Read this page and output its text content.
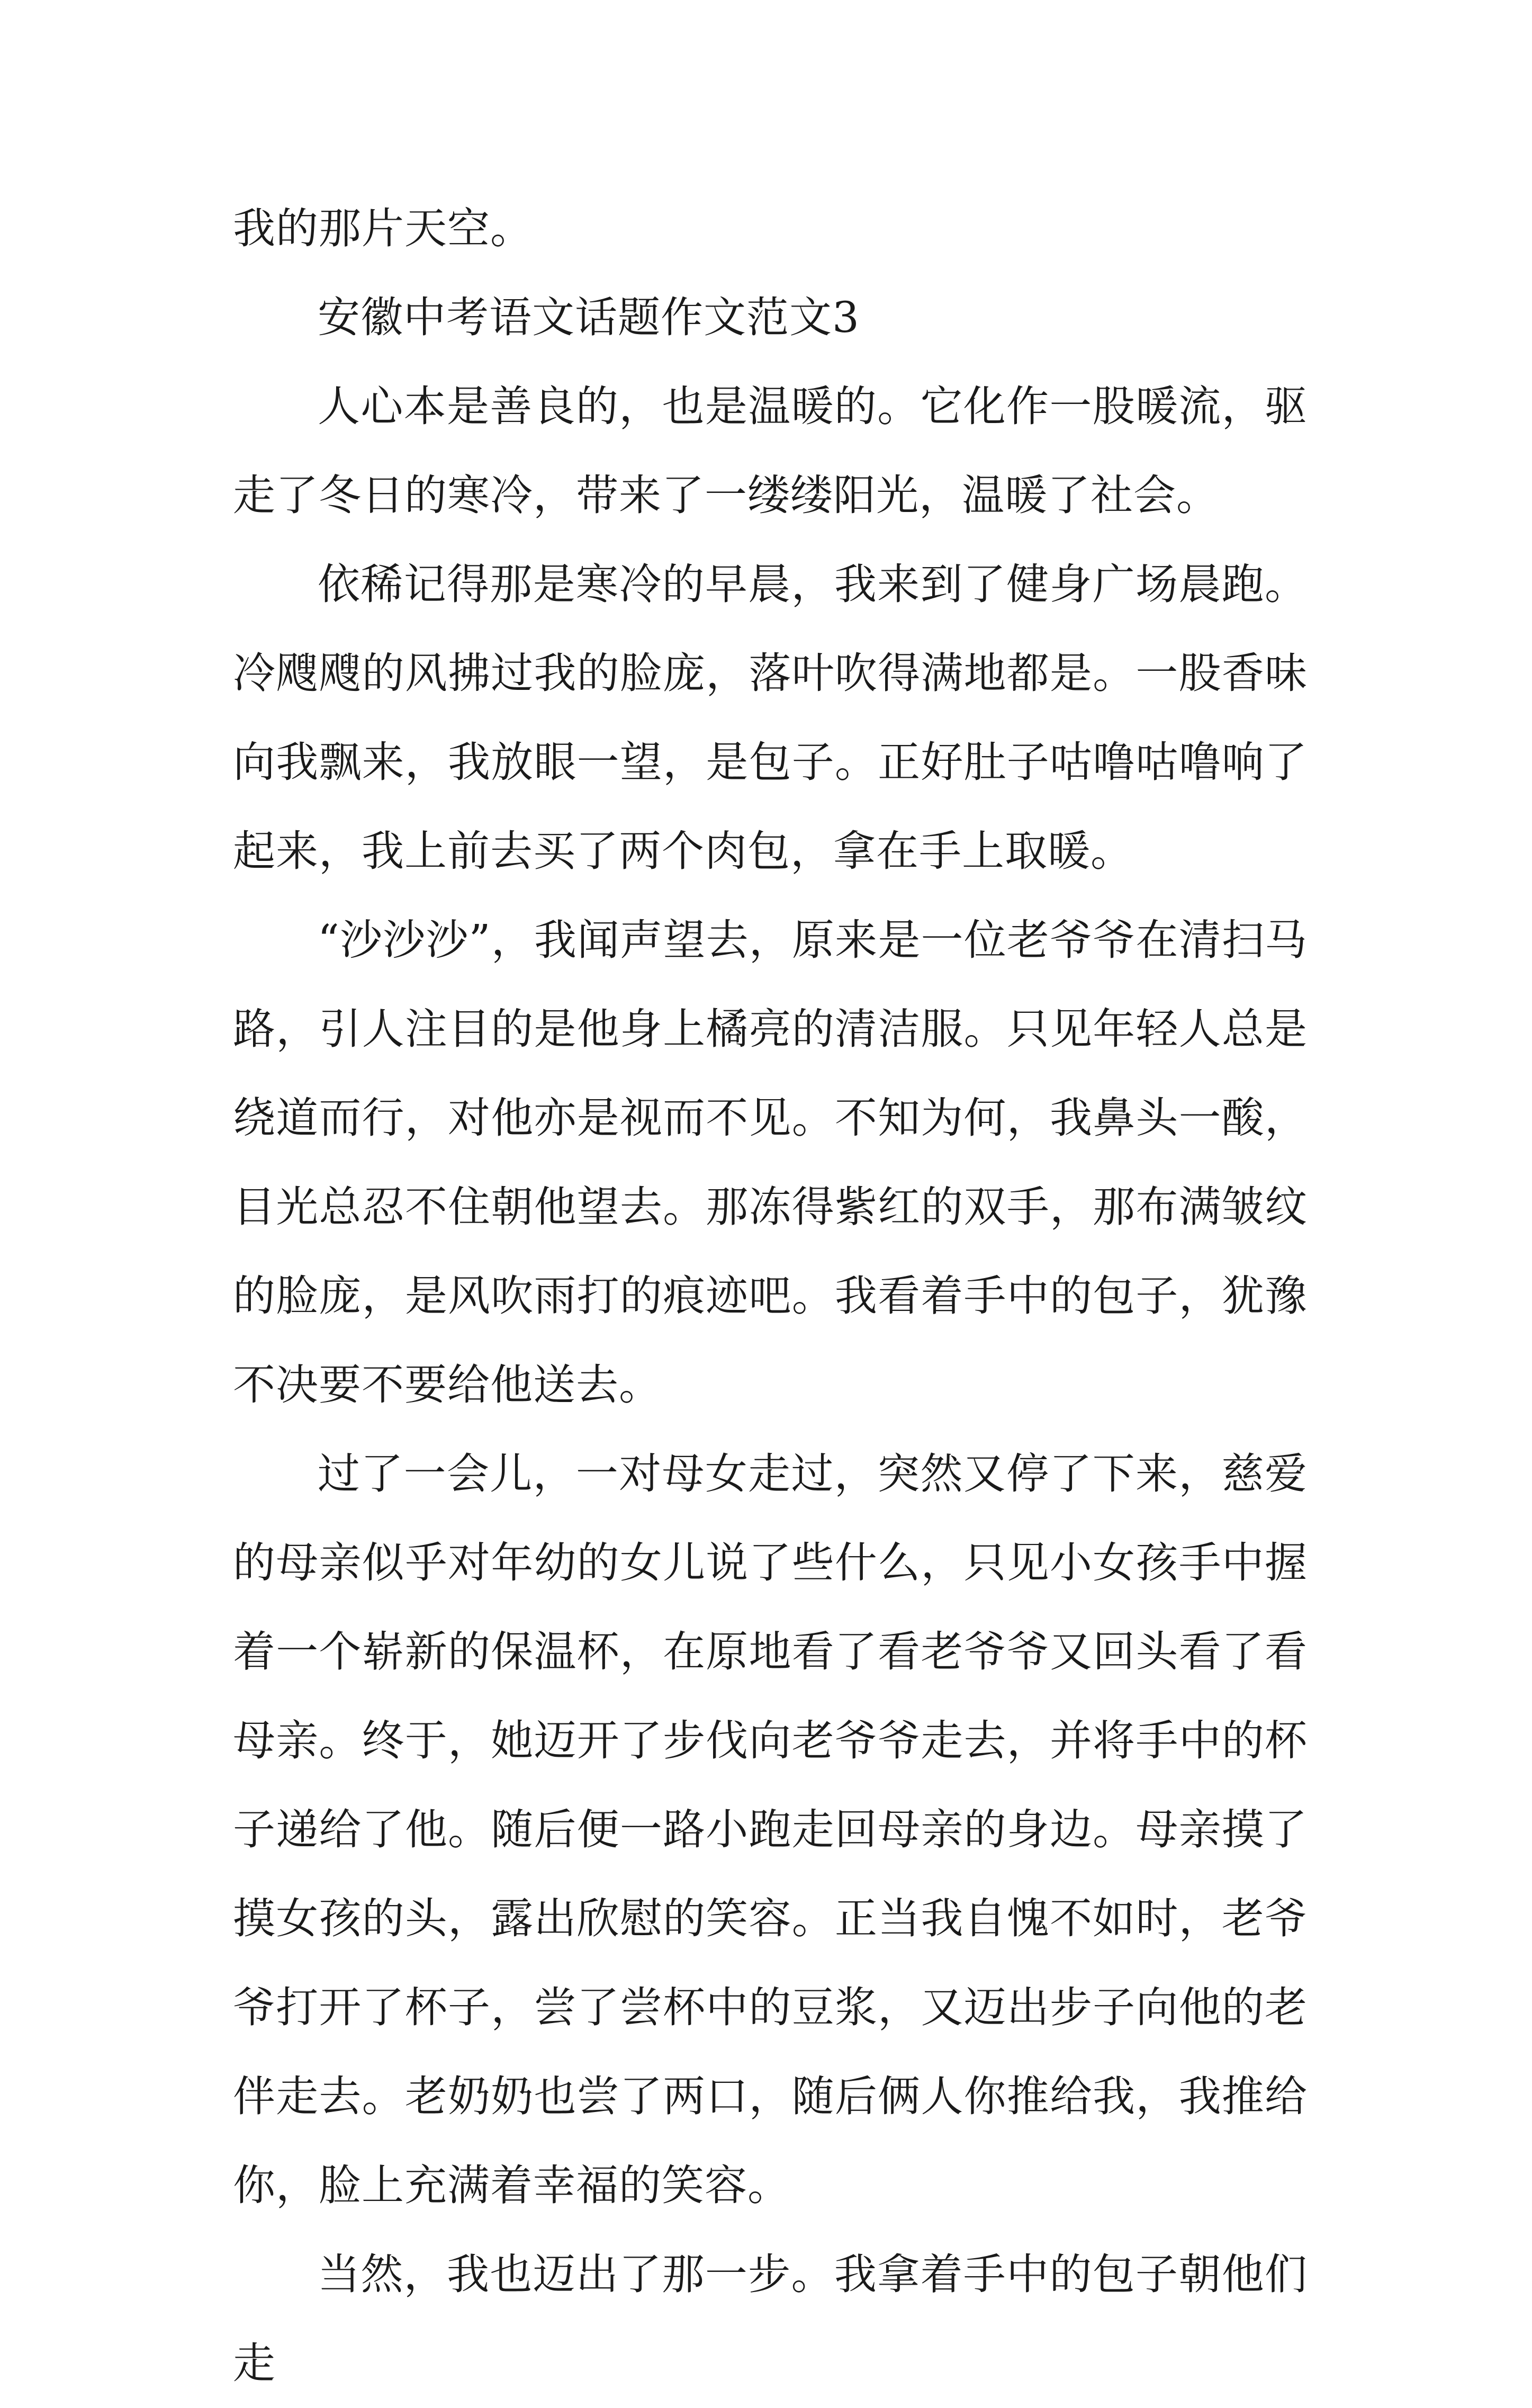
我的那片天空。

安徽中考语文话题作文范文3

人心本是善良的，也是温暖的。它化作一股暖流，驱走了冬日的寒冷，带来了一缕缕阳光，温暖了社会。

依稀记得那是寒冷的早晨，我来到了健身广场晨跑。冷飕飕的风拂过我的脸庞，落叶吹得满地都是。一股香味向我飘来，我放眼一望，是包子。正好肚子咕噜咕噜响了起来，我上前去买了两个肉包，拿在手上取暖。

“沙沙沙”，我闻声望去，原来是一位老爷爷在清扫马路，引人注目的是他身上橘亮的清洁服。只见年轻人总是绕道而行，对他亦是视而不见。不知为何，我鼻头一酸，目光总忍不住朝他望去。那冻得紫红的双手，那布满皱纹的脸庞，是风吹雨打的痕迹吧。我看着手中的包子，犹豫不决要不要给他送去。

过了一会儿，一对母女走过，突然又停了下来，慈爱的母亲似乎对年幼的女儿说了些什么，只见小女孩手中握着一个崭新的保温杯，在原地看了看老爷爷又回头看了看母亲。终于，她迈开了步伐向老爷爷走去，并将手中的杯子递给了他。随后便一路小跑走回母亲的身边。母亲摸了摸女孩的头，露出欣慰的笑容。正当我自愧不如时，老爷爷打开了杯子，尝了尝杯中的豆浆，又迈出步子向他的老伴走去。老奶奶也尝了两口，随后俩人你推给我，我推给你，脸上充满着幸福的笑容。

当然，我也迈出了那一步。我拿着手中的包子朝他们走
